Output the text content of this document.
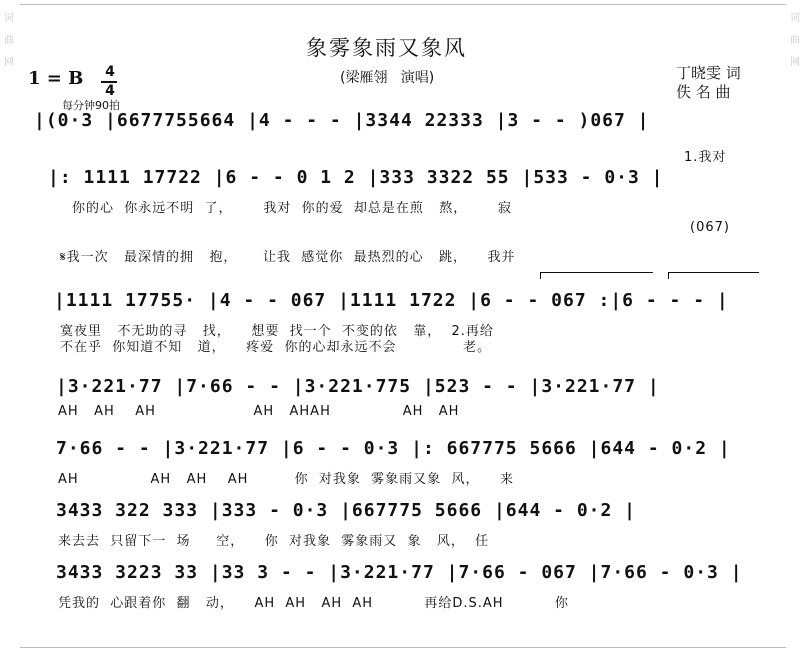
词曲网
词曲网
象雾象雨又象风
(梁雁翎   演唱)	丁晓雯 词
佚 名 曲
1 = B 4
4
每分钟90拍
|(0·3 |6677755664 |4 - - - |3344 22333 |3 - - )067 |
1.我对
|: 1111 17722 |6 - - 0 1 2 |333 3322 55 |533 - 0·3 |
你的心  你永远不明  了，      我对  你的爱  却总是在煎   熬，      寂
(067)
𝄋我一次   最深情的拥   抱，     让我  感觉你  最热烈的心   跳，    我并
|1111 17755· |4 - - 067 |1111 1722 |6 - - 067 :|6 - - - |
寞夜里   不无助的寻   找，    想要  找一个  不变的依   靠，  2.再给
不在乎  你知道不知   道，    疼爱  你的心却永远不会             老。
|3·221·77 |7·66 - - |3·221·775 |523 - - |3·221·77 |
AH   AH    AH                   AH   AHAH              AH   AH
7·66 - - |3·221·77 |6 - - 0·3 |: 667775 5666 |644 - 0·2 |
AH              AH   AH    AH         你  对我象  雾象雨又象  风，    来
3433 322 333 |333 - 0·3 |667775 5666 |644 - 0·2 |
来去去  只留下一  场     空，    你  对我象  雾象雨又  象   风，  任
3433 3223 33 |33 3 - - |3·221·77 |7·66 - 067 |7·66 - 0·3 |
凭我的  心跟着你  翻   动，    AH  AH   AH  AH          再给D.S.AH          你
